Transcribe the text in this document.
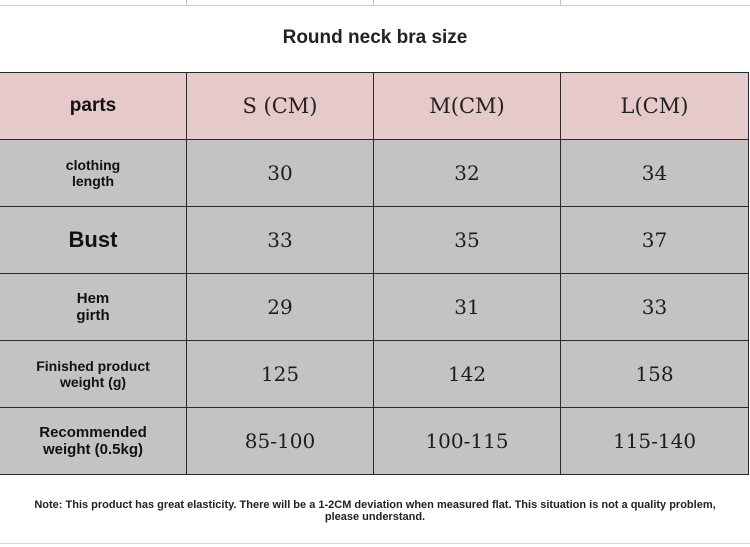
Round neck bra size
parts	S (CM)	M(CM)	L(CM)
clothing length	30	32	34
Bust	33	35	37
Hem girth	29	31	33
Finished product weight (g)	125	142	158
Recommended weight (0.5kg)	85-100	100-115	115-140
Note: This product has great elasticity. There will be a 1-2CM deviation when measured flat. This situation is not a quality problem, please understand.
